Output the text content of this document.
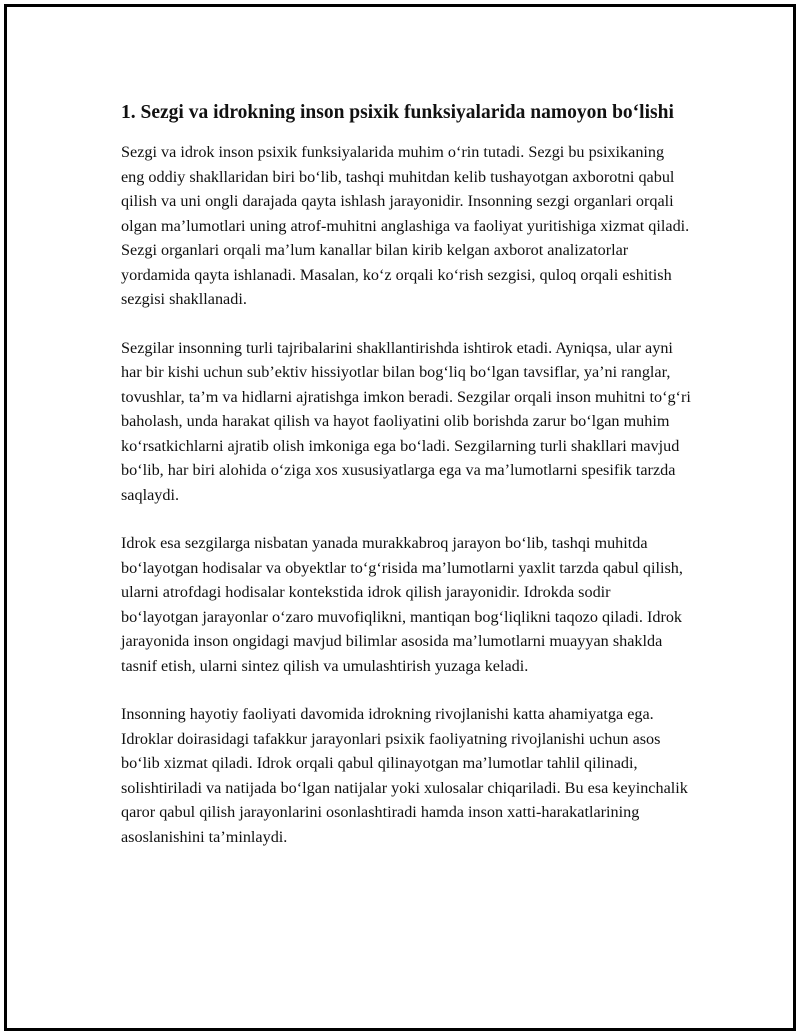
1. Sezgi va idrokning inson psixik funksiyalarida namoyon bo‘lishi

Sezgi va idrok inson psixik funksiyalarida muhim o‘rin tutadi. Sezgi bu psixikaning eng oddiy shakllaridan biri bo‘lib, tashqi muhitdan kelib tushayotgan axborotni qabul qilish va uni ongli darajada qayta ishlash jarayonidir. Insonning sezgi organlari orqali olgan ma’lumotlari uning atrof-muhitni anglashiga va faoliyat yuritishiga xizmat qiladi. Sezgi organlari orqali ma’lum kanallar bilan kirib kelgan axborot analizatorlar yordamida qayta ishlanadi. Masalan, ko‘z orqali ko‘rish sezgisi, quloq orqali eshitish sezgisi shakllanadi.

Sezgilar insonning turli tajribalarini shakllantirishda ishtirok etadi. Ayniqsa, ular ayni har bir kishi uchun sub’ektiv hissiyotlar bilan bog‘liq bo‘lgan tavsiflar, ya’ni ranglar, tovushlar, ta’m va hidlarni ajratishga imkon beradi. Sezgilar orqali inson muhitni to‘g‘ri baholash, unda harakat qilish va hayot faoliyatini olib borishda zarur bo‘lgan muhim ko‘rsatkichlarni ajratib olish imkoniga ega bo‘ladi. Sezgilarning turli shakllari mavjud bo‘lib, har biri alohida o‘ziga xos xususiyatlarga ega va ma’lumotlarni spesifik tarzda saqlaydi.

Idrok esa sezgilarga nisbatan yanada murakkabroq jarayon bo‘lib, tashqi muhitda bo‘layotgan hodisalar va obyektlar to‘g‘risida ma’lumotlarni yaxlit tarzda qabul qilish, ularni atrofdagi hodisalar kontekstida idrok qilish jarayonidir. Idrokda sodir bo‘layotgan jarayonlar o‘zaro muvofiqlikni, mantiqan bog‘liqlikni taqozo qiladi. Idrok jarayonida inson ongidagi mavjud bilimlar asosida ma’lumotlarni muayyan shaklda tasnif etish, ularni sintez qilish va umulashtirish yuzaga keladi.

Insonning hayotiy faoliyati davomida idrokning rivojlanishi katta ahamiyatga ega. Idroklar doirasidagi tafakkur jarayonlari psixik faoliyatning rivojlanishi uchun asos bo‘lib xizmat qiladi. Idrok orqali qabul qilinayotgan ma’lumotlar tahlil qilinadi, solishtiriladi va natijada bo‘lgan natijalar yoki xulosalar chiqariladi. Bu esa keyinchalik qaror qabul qilish jarayonlarini osonlashtiradi hamda inson xatti-harakatlarining asoslanishini ta’minlaydi.
